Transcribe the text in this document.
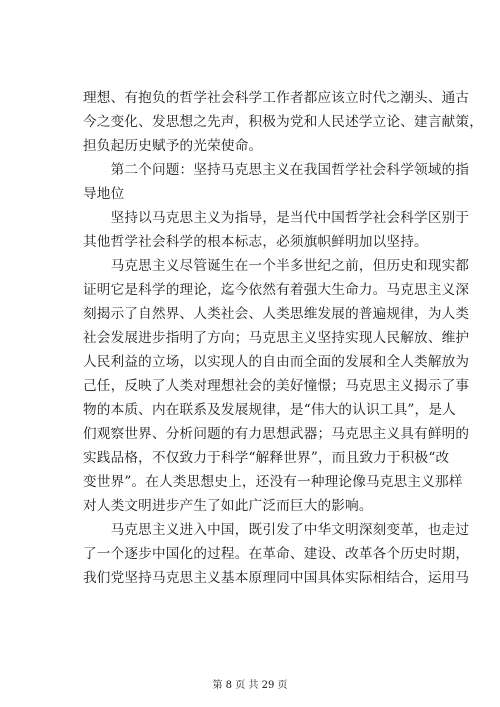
理想、有抱负的哲学社会科学工作者都应该立时代之潮头、通古
今之变化、发思想之先声，积极为党和人民述学立论、建言献策，
担负起历史赋予的光荣使命。
　　第二个问题：坚持马克思主义在我国哲学社会科学领域的指
导地位
　　坚持以马克思主义为指导，是当代中国哲学社会科学区别于
其他哲学社会科学的根本标志，必须旗帜鲜明加以坚持。
　　马克思主义尽管诞生在一个半多世纪之前，但历史和现实都
证明它是科学的理论，迄今依然有着强大生命力。马克思主义深
刻揭示了自然界、人类社会、人类思维发展的普遍规律，为人类
社会发展进步指明了方向；马克思主义坚持实现人民解放、维护
人民利益的立场，以实现人的自由而全面的发展和全人类解放为
己任，反映了人类对理想社会的美好憧憬；马克思主义揭示了事
物的本质、内在联系及发展规律，是“伟大的认识工具”，是人
们观察世界、分析问题的有力思想武器；马克思主义具有鲜明的
实践品格，不仅致力于科学“解释世界”，而且致力于积极“改
变世界”。在人类思想史上，还没有一种理论像马克思主义那样
对人类文明进步产生了如此广泛而巨大的影响。
　　马克思主义进入中国，既引发了中华文明深刻变革，也走过
了一个逐步中国化的过程。在革命、建设、改革各个历史时期，
我们党坚持马克思主义基本原理同中国具体实际相结合，运用马
第 8 页 共 29 页
